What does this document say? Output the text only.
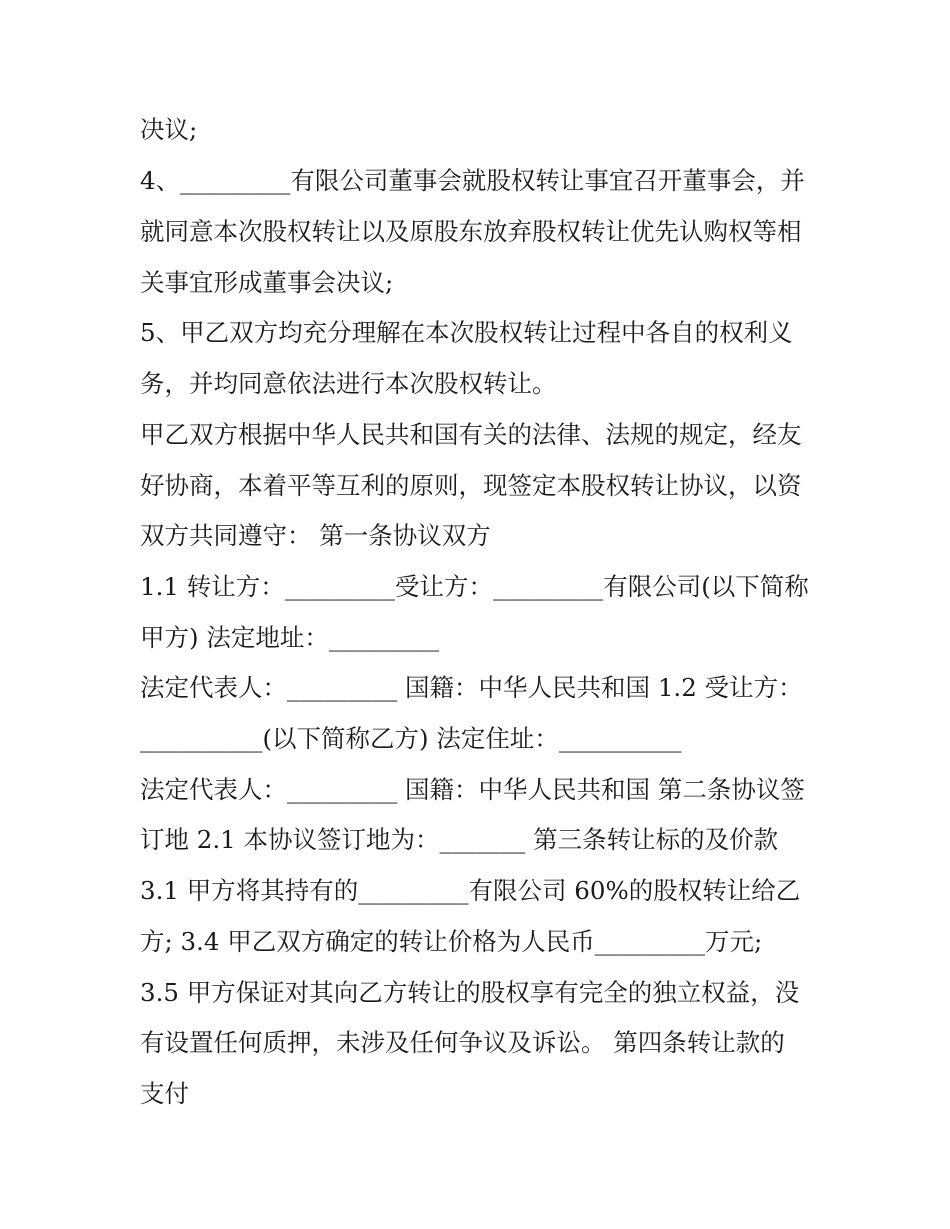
决议;
4、_________有限公司董事会就股权转让事宜召开董事会，并
就同意本次股权转让以及原股东放弃股权转让优先认购权等相
关事宜形成董事会决议;
5、甲乙双方均充分理解在本次股权转让过程中各自的权利义
务，并均同意依法进行本次股权转让。
甲乙双方根据中华人民共和国有关的法律、法规的规定，经友
好协商，本着平等互利的原则，现签定本股权转让协议，以资
双方共同遵守： 第一条协议双方
1.1 转让方：_________受让方：_________有限公司(以下简称
甲方) 法定地址：_________
法定代表人：_________ 国籍：中华人民共和国 1.2 受让方：
__________(以下简称乙方) 法定住址：__________
法定代表人：_________ 国籍：中华人民共和国 第二条协议签
订地 2.1 本协议签订地为：_______ 第三条转让标的及价款
3.1 甲方将其持有的_________有限公司 60%的股权转让给乙
方; 3.4 甲乙双方确定的转让价格为人民币_________万元;
3.5 甲方保证对其向乙方转让的股权享有完全的独立权益，没
有设置任何质押，未涉及任何争议及诉讼。 第四条转让款的
支付
